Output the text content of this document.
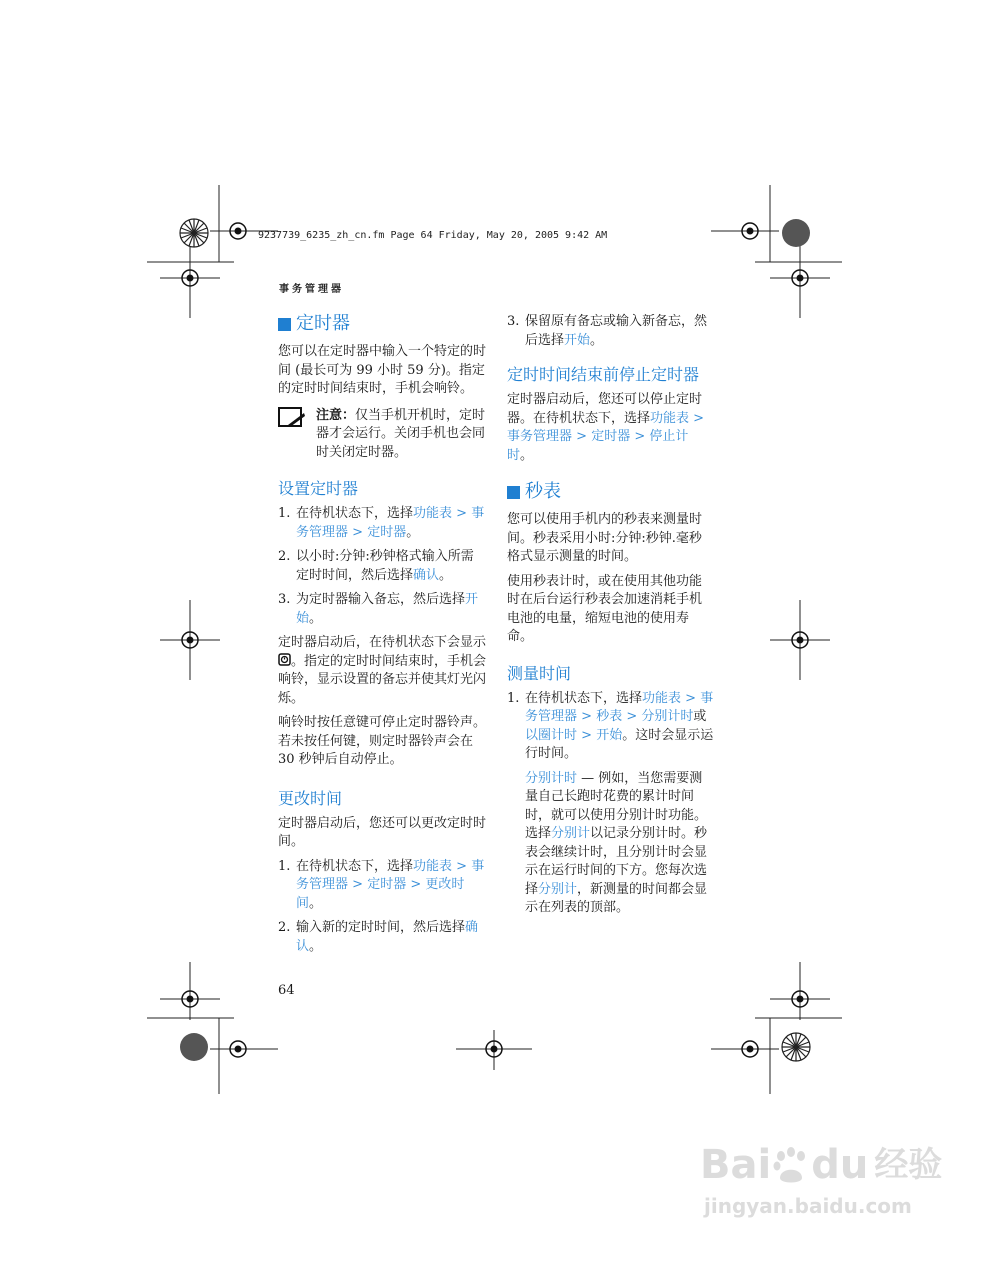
9237739_6235_zh_cn.fm Page 64 Friday, May 20, 2005 9:42 AM
事务管理器
定时器

您可以在定时器中输入一个特定的时间 (最长可为 99 小时 59 分)。指定的定时时间结束时，手机会响铃。

注意：仅当手机开机时，定时器才会运行。关闭手机也会同时关闭定时器。
设置定时器
1. 在待机状态下，选择功能表 > 事务管理器 > 定时器。
2. 以小时:分钟:秒钟格式输入所需定时时间，然后选择确认。
3. 为定时器输入备忘，然后选择开始。

定时器启动后，在待机状态下会显示 。指定的定时时间结束时，手机会响铃，显示设置的备忘并使其灯光闪烁。

响铃时按任意键可停止定时器铃声。若未按任何键，则定时器铃声会在 30 秒钟后自动停止。

更改时间

定时器启动后，您还可以更改定时时间。

1. 在待机状态下，选择功能表 > 事务管理器 > 定时器 > 更改时间。
2. 输入新的定时时间，然后选择确认。
64
3. 保留原有备忘或输入新备忘，然后选择开始。
定时时间结束前停止定时器

定时器启动后，您还可以停止定时器。在待机状态下，选择功能表 > 事务管理器 > 定时器 > 停止计时。

秒表

您可以使用手机内的秒表来测量时间。秒表采用小时:分钟:秒钟.毫秒格式显示测量的时间。

使用秒表计时，或在使用其他功能时在后台运行秒表会加速消耗手机电池的电量，缩短电池的使用寿命。

测量时间
1. 在待机状态下，选择功能表 > 事务管理器 > 秒表 > 分别计时或以圈计时 > 开始。这时会显示运行时间。

分别计时 — 例如，当您需要测量自己长跑时花费的累计时间时，就可以使用分别计时功能。选择分别计以记录分别计时。秒表会继续计时，且分别计时会显示在运行时间的下方。您每次选择分别计，新测量的时间都会显示在列表的顶部。

Bai du 经验
jingyan.baidu.com
